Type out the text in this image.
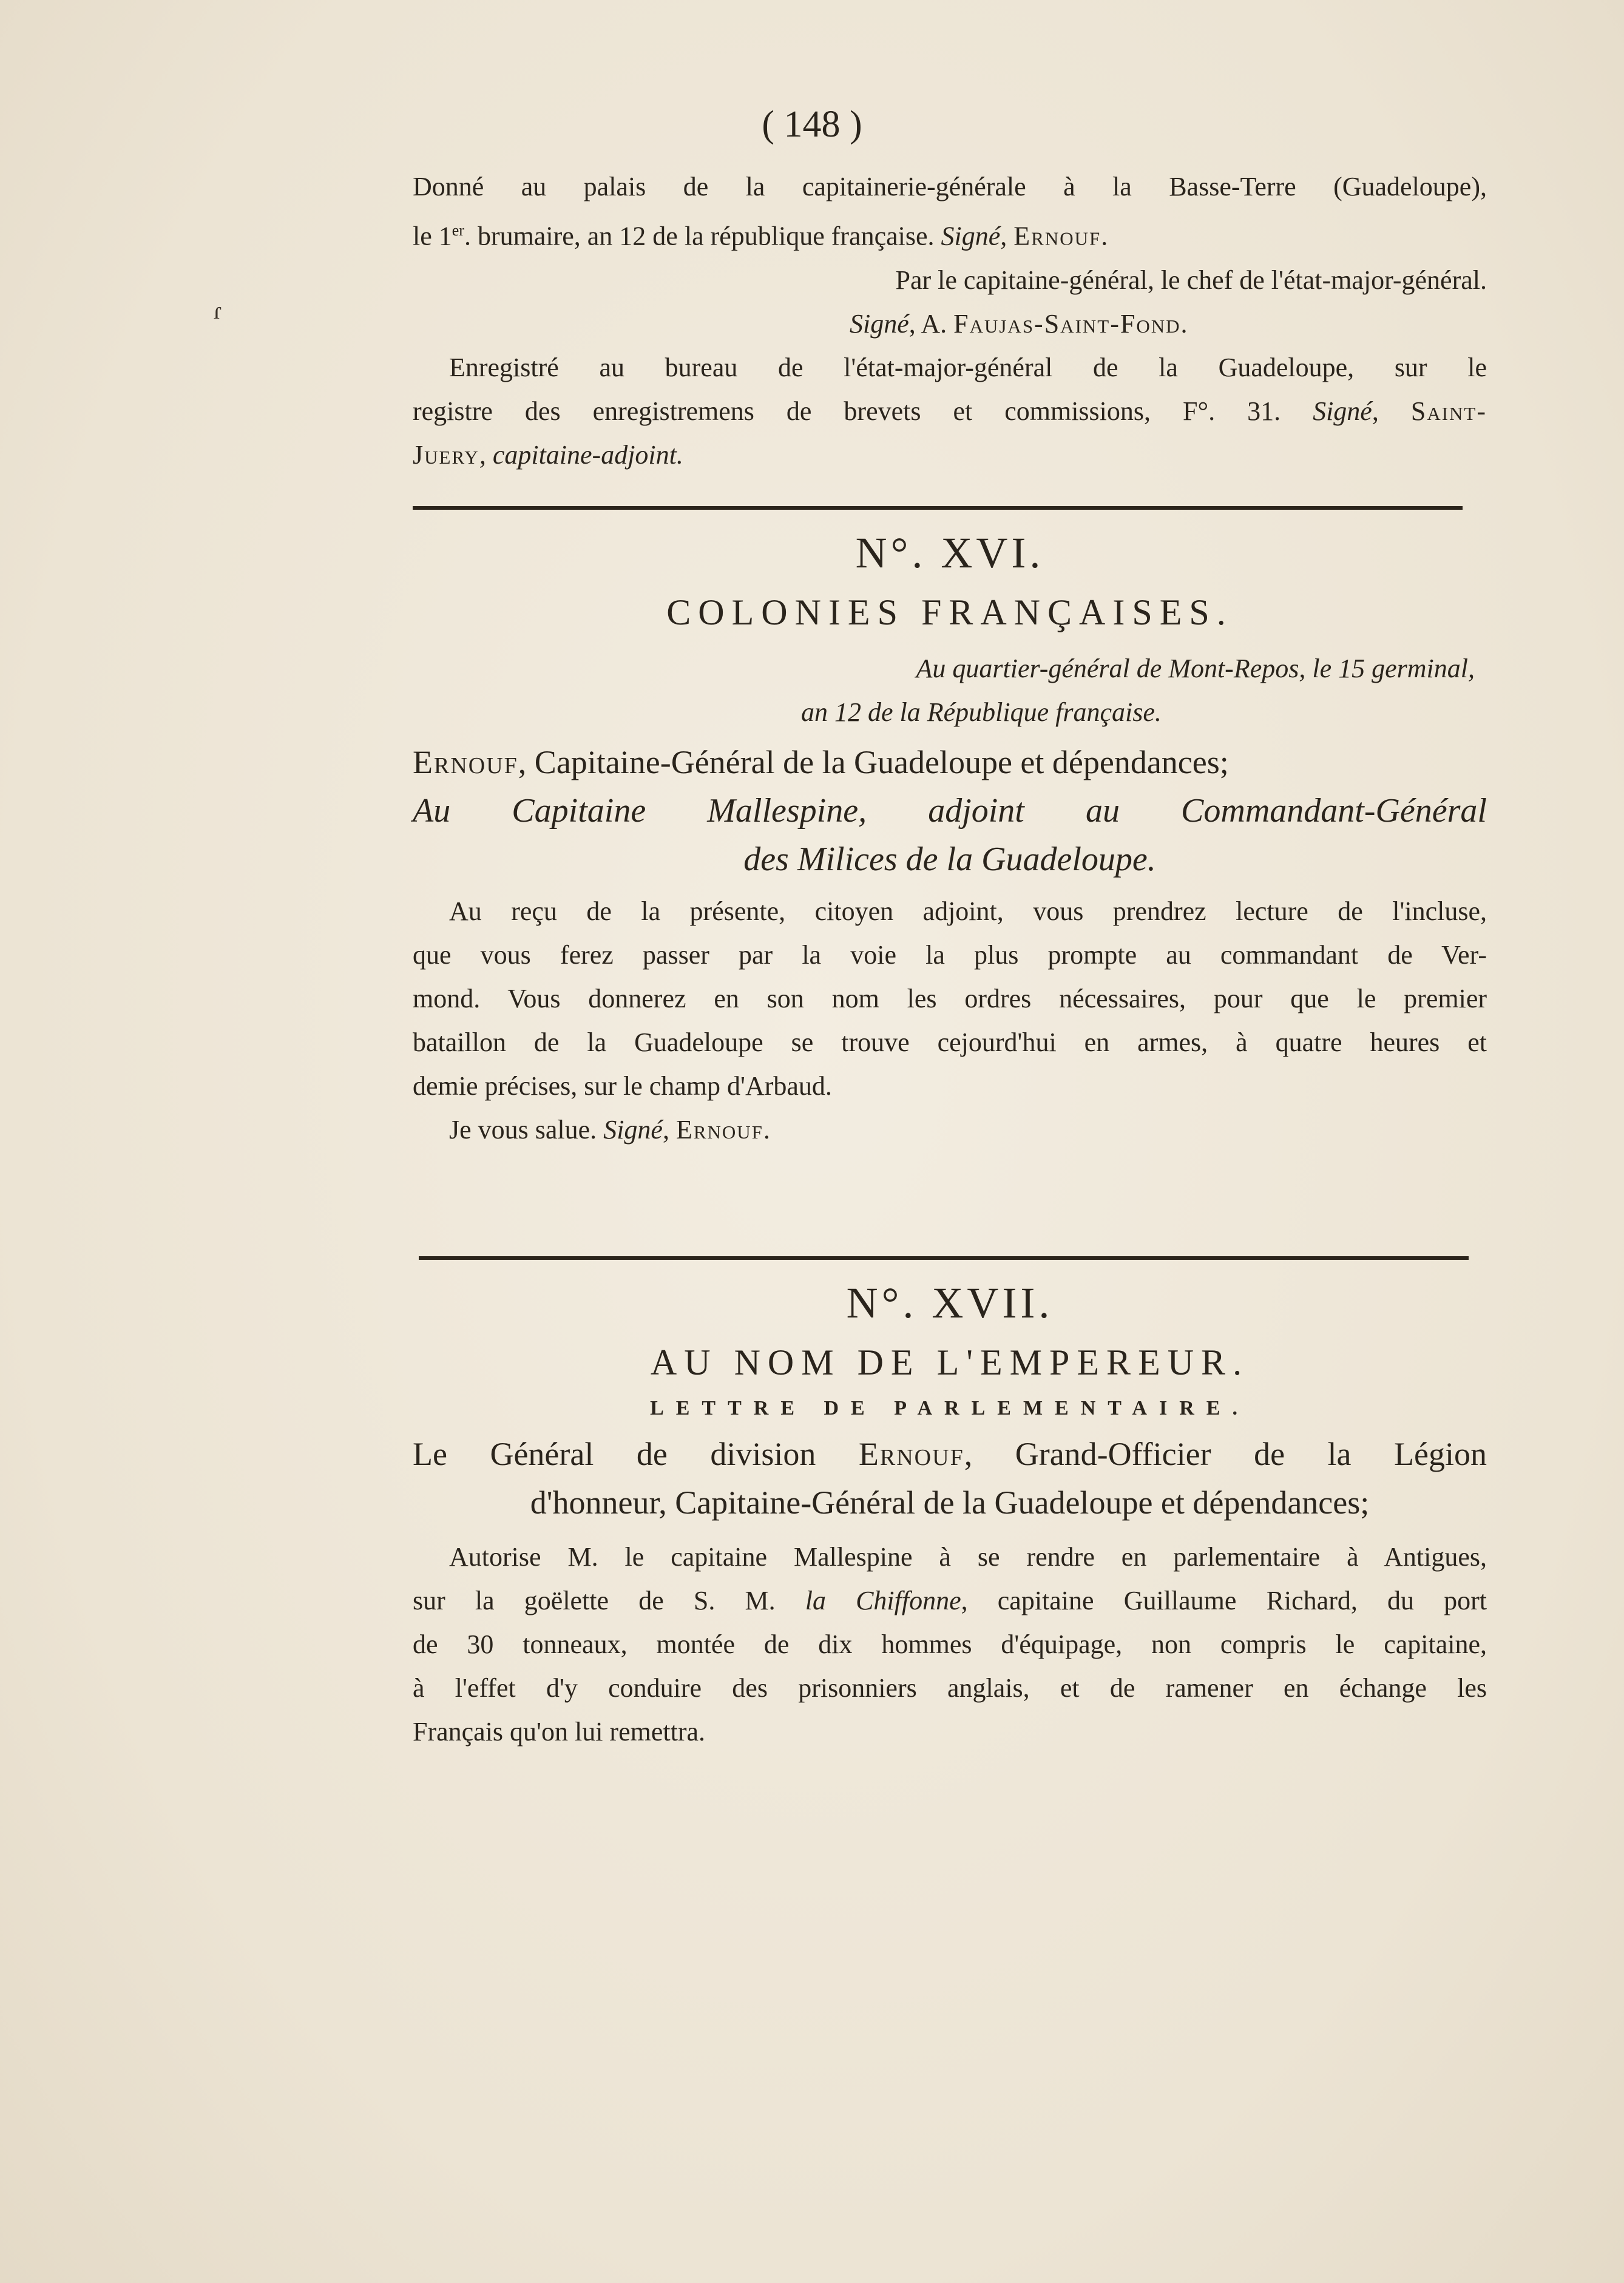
( 148 )
ɾ
Donné au palais de la capitainerie-générale à la Basse-Terre (Guadeloupe),
le 1er. brumaire, an 12 de la république française. Signé, Ernouf.
Par le capitaine-général, le chef de l'état-major-général.
Signé, A. Faujas-Saint-Fond.
Enregistré au bureau de l'état-major-général de la Guadeloupe, sur le
registre des enregistremens de brevets et commissions, F°. 31. Signé, Saint-
Juery, capitaine-adjoint.
N°. XVI.
COLONIES FRANÇAISES.
Au quartier-général de Mont-Repos, le 15 germinal,
an 12 de la République française.
Ernouf, Capitaine-Général de la Guadeloupe et dépendances;
Au Capitaine Mallespine, adjoint au Commandant-Général
des Milices de la Guadeloupe.
Au reçu de la présente, citoyen adjoint, vous prendrez lecture de l'incluse,
que vous ferez passer par la voie la plus prompte au commandant de Ver-
mond. Vous donnerez en son nom les ordres nécessaires, pour que le premier
bataillon de la Guadeloupe se trouve cejourd'hui en armes, à quatre heures et
demie précises, sur le champ d'Arbaud.
Je vous salue. Signé, Ernouf.
N°. XVII.
AU NOM DE L'EMPEREUR.
LETTRE DE PARLEMENTAIRE.
Le Général de division Ernouf, Grand-Officier de la Légion
d'honneur, Capitaine-Général de la Guadeloupe et dépendances;
Autorise M. le capitaine Mallespine à se rendre en parlementaire à Antigues,
sur la goëlette de S. M. la Chiffonne, capitaine Guillaume Richard, du port
de 30 tonneaux, montée de dix hommes d'équipage, non compris le capitaine,
à l'effet d'y conduire des prisonniers anglais, et de ramener en échange les
Français qu'on lui remettra.
